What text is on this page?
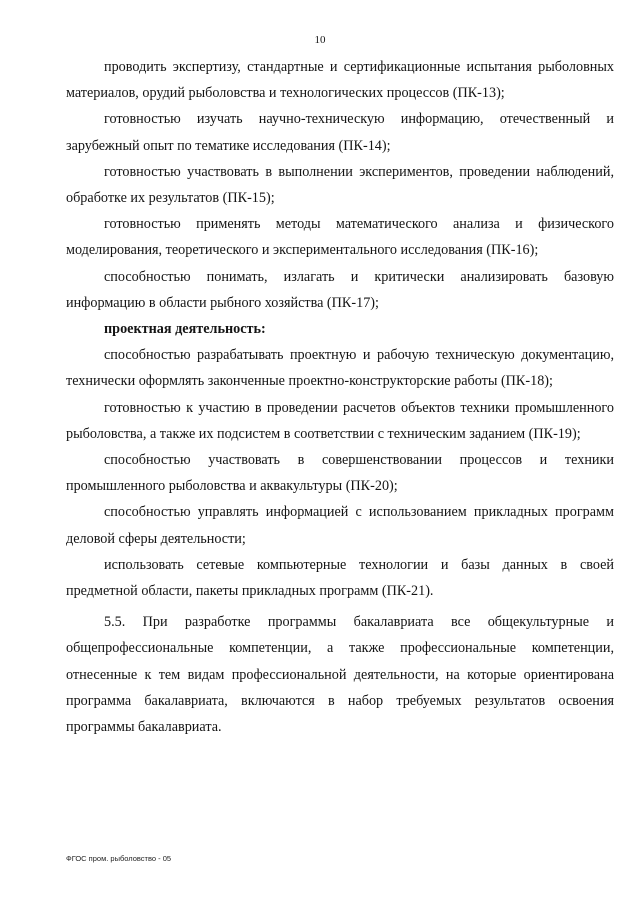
10

проводить экспертизу, стандартные и сертификационные испытания рыболовных материалов, орудий рыболовства и технологических процессов (ПК-13);

готовностью изучать научно-техническую информацию, отечественный и зарубежный опыт по тематике исследования (ПК-14);

готовностью участвовать в выполнении экспериментов, проведении наблюдений, обработке их результатов (ПК-15);

готовностью применять методы математического анализа и физического моделирования, теоретического и экспериментального исследования (ПК-16);

способностью понимать, излагать и критически анализировать базовую информацию в области рыбного хозяйства (ПК-17);

проектная деятельность:

способностью разрабатывать проектную и рабочую техническую документацию, технически оформлять законченные проектно-конструкторские работы (ПК-18);

готовностью к участию в проведении расчетов объектов техники промышленного рыболовства, а также их подсистем в соответствии с техническим заданием (ПК-19);

способностью участвовать в совершенствовании процессов и техники промышленного рыболовства и аквакультуры (ПК-20);

способностью управлять информацией с использованием прикладных программ деловой сферы деятельности;

использовать сетевые компьютерные технологии и базы данных в своей предметной области, пакеты прикладных программ (ПК-21).

5.5. При разработке программы бакалавриата все общекультурные и общепрофессиональные компетенции, а также профессиональные компетенции, отнесенные к тем видам профессиональной деятельности, на которые ориентирована программа бакалавриата, включаются в набор требуемых результатов освоения программы бакалавриата.

ФГОС пром. рыболовство - 05
